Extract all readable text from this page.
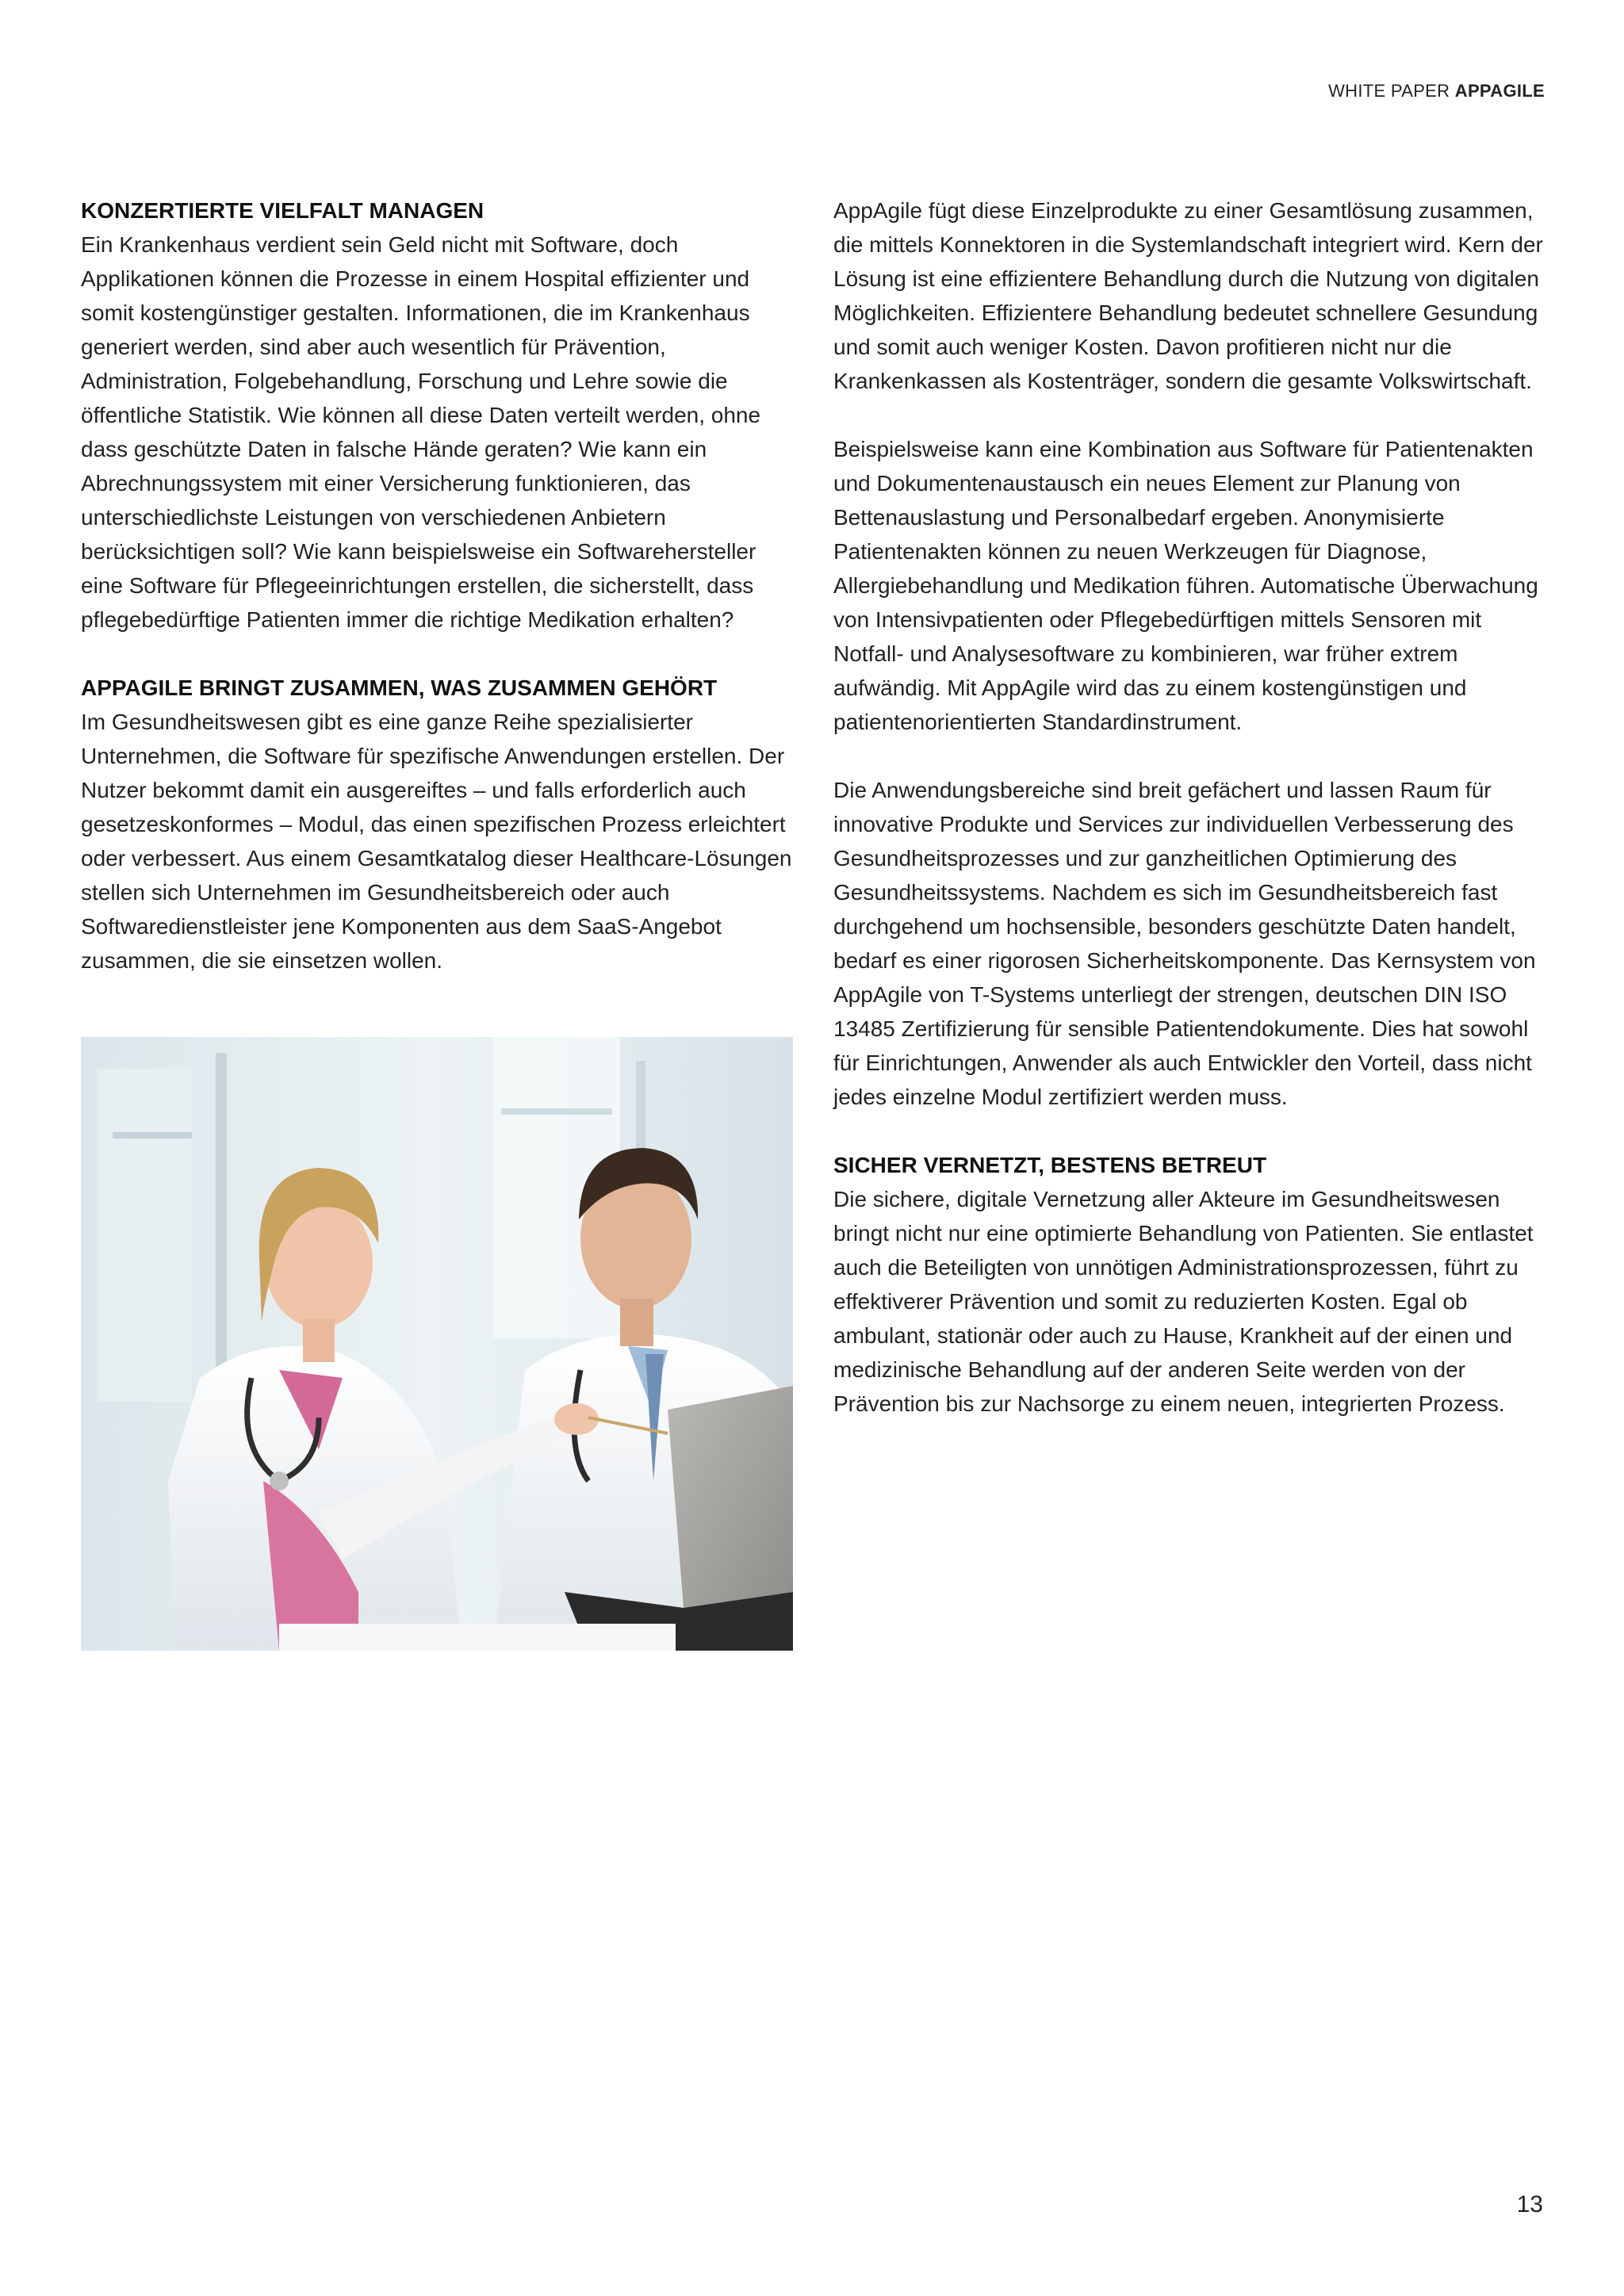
WHITE PAPER APPAGILE
KONZERTIERTE VIELFALT MANAGEN

Ein Krankenhaus verdient sein Geld nicht mit Software, doch Applikationen können die Prozesse in einem Hospital effizienter und somit kostengünstiger gestalten. Informationen, die im Krankenhaus generiert werden, sind aber auch wesentlich für Prävention, Administration, Folgebehandlung, Forschung und Lehre sowie die öffentliche Statistik. Wie können all diese Daten verteilt werden, ohne dass geschützte Daten in falsche Hände geraten? Wie kann ein Abrechnungssystem mit einer Versicherung funktionieren, das unterschiedlichste Leistungen von verschiedenen Anbietern berücksichtigen soll? Wie kann beispielsweise ein Softwarehersteller eine Software für Pflegeeinrichtungen erstellen, die sicherstellt, dass pflegebedürftige Patienten immer die richtige Medikation erhalten?

APPAGILE BRINGT ZUSAMMEN, WAS ZUSAMMEN GEHÖRT

Im Gesundheitswesen gibt es eine ganze Reihe spezialisierter Unternehmen, die Software für spezifische Anwendungen erstellen. Der Nutzer bekommt damit ein ausgereiftes – und falls erforderlich auch gesetzeskonformes – Modul, das einen spezifischen Prozess erleichtert oder verbessert. Aus einem Gesamtkatalog dieser Healthcare-Lösungen stellen sich Unternehmen im Gesundheitsbereich oder auch Softwaredienstleister jene Komponenten aus dem SaaS-Angebot zusammen, die sie einsetzen wollen.

AppAgile fügt diese Einzelprodukte zu einer Gesamtlösung zusammen, die mittels Konnektoren in die Systemlandschaft integriert wird. Kern der Lösung ist eine effizientere Behandlung durch die Nutzung von digitalen Möglichkeiten. Effizientere Behandlung bedeutet schnellere Gesundung und somit auch weniger Kosten. Davon profitieren nicht nur die Krankenkassen als Kostenträger, sondern die gesamte Volkswirtschaft.

Beispielsweise kann eine Kombination aus Software für Patientenakten und Dokumentenaustausch ein neues Element zur Planung von Bettenauslastung und Personalbedarf ergeben. Anonymisierte Patientenakten können zu neuen Werkzeugen für Diagnose, Allergiebehandlung und Medikation führen. Automatische Überwachung von Intensivpatienten oder Pflegebedürftigen mittels Sensoren mit Notfall- und Analysesoftware zu kombinieren, war früher extrem aufwändig. Mit AppAgile wird das zu einem kostengünstigen und patientenorientierten Standardinstrument.

Die Anwendungsbereiche sind breit gefächert und lassen Raum für innovative Produkte und Services zur individuellen Verbesserung des Gesundheitsprozesses und zur ganzheitlichen Optimierung des Gesundheitssystems. Nachdem es sich im Gesundheitsbereich fast durchgehend um hochsensible, besonders geschützte Daten handelt, bedarf es einer rigorosen Sicherheitskomponente. Das Kernsystem von AppAgile von T-Systems unterliegt der strengen, deutschen DIN ISO 13485 Zertifizierung für sensible Patientendokumente. Dies hat sowohl für Einrichtungen, Anwender als auch Entwickler den Vorteil, dass nicht jedes einzelne Modul zertifiziert werden muss.

SICHER VERNETZT, BESTENS BETREUT

Die sichere, digitale Vernetzung aller Akteure im Gesundheitswesen bringt nicht nur eine optimierte Behandlung von Patienten. Sie entlastet auch die Beteiligten von unnötigen Administrationsprozessen, führt zu effektiverer Prävention und somit zu reduzierten Kosten. Egal ob ambulant, stationär oder auch zu Hause, Krankheit auf der einen und medizinische Behandlung auf der anderen Seite werden von der Prävention bis zur Nachsorge zu einem neuen, integrierten Prozess.

13
